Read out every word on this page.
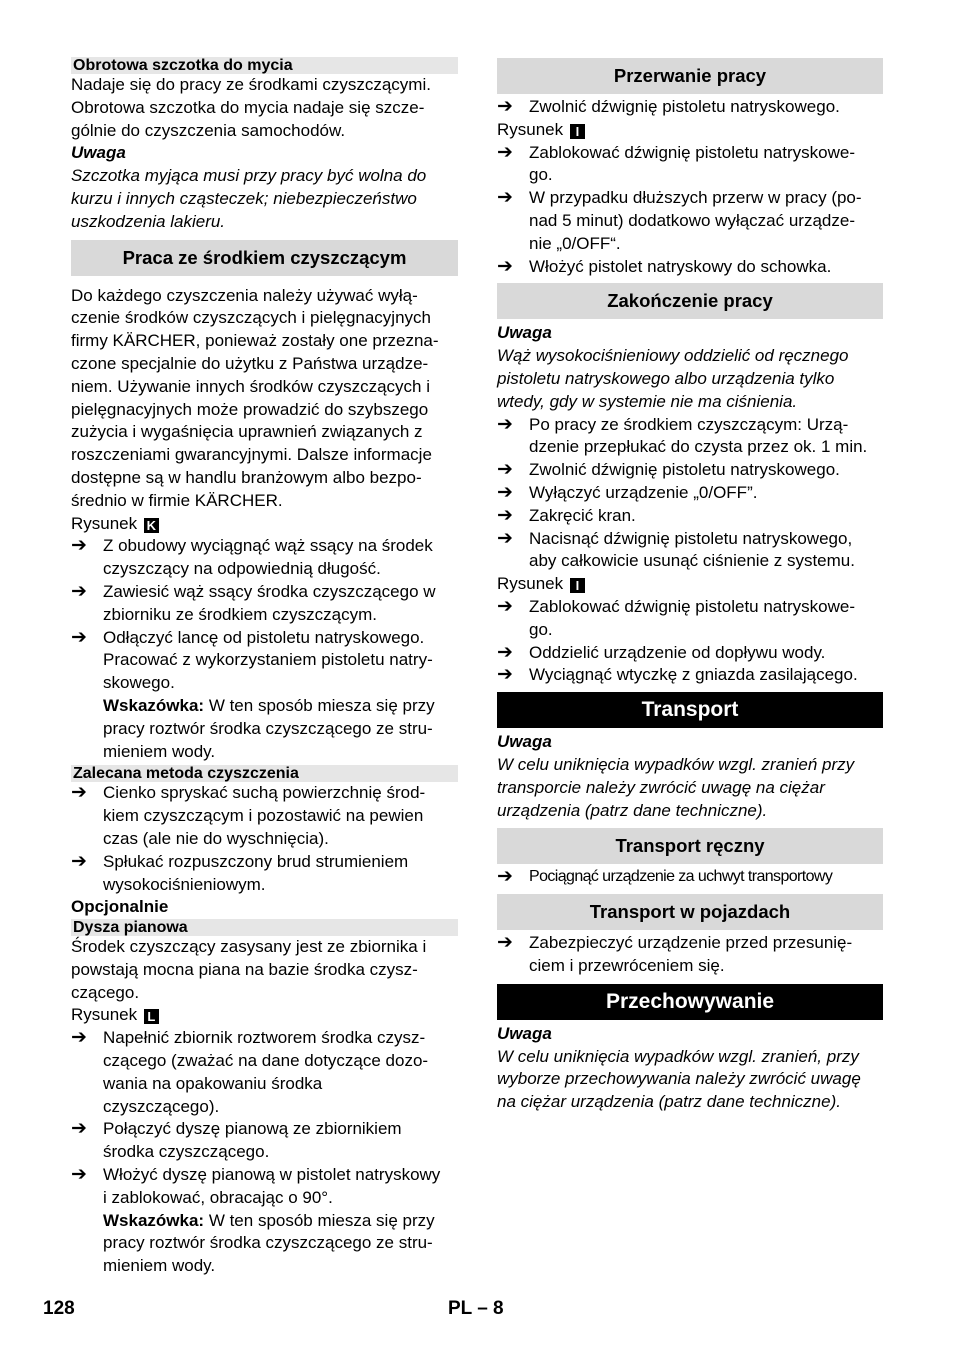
Obrotowa szczotka do mycia

Nadaje się do pracy ze środkami czyszczącymi.

Obrotowa szczotka do mycia nadaje się szcze-

gólnie do czyszczenia samochodów.

Uwaga

Szczotka myjąca musi przy pracy być wolna do

kurzu i innych cząsteczek; niebezpieczeństwo

uszkodzenia lakieru.

Praca ze środkiem czyszczącym

Do każdego czyszczenia należy używać wyłą-

czenie środków czyszczących i pielęgnacyjnych

firmy KÄRCHER, ponieważ zostały one przezna-

czone specjalnie do użytku z Państwa urządze-

niem. Używanie innych środków czyszczących i

pielęgnacyjnych może prowadzić do szybszego

zużycia i wygaśnięcia uprawnień związanych z

roszczeniami gwarancyjnymi. Dalsze informacje

dostępne są w handlu branżowym albo bezpo-

średnio w firmie KÄRCHER.

Rysunek K

➔ Z obudowy wyciągnąć wąż ssący na środek

czyszczący na odpowiednią długość.

➔ Zawiesić wąż ssący środka czyszczącego w

zbiorniku ze środkiem czyszczącym.

➔ Odłączyć lancę od pistoletu natryskowego.

Pracować z wykorzystaniem pistoletu natry-

skowego.

Wskazówka: W ten sposób miesza się przy

pracy roztwór środka czyszczącego ze stru-

mieniem wody.

Zalecana metoda czyszczenia

➔ Cienko spryskać suchą powierzchnię środ-

kiem czyszczącym i pozostawić na pewien

czas (ale nie do wyschnięcia).

➔ Spłukać rozpuszczony brud strumieniem

wysokociśnieniowym.

Opcjonalnie

Dysza pianowa

Środek czyszczący zasysany jest ze zbiornika i

powstają mocna piana na bazie środka czysz-

czącego.

Rysunek L

➔ Napełnić zbiornik roztworem środka czysz-

czącego (zważać na dane dotyczące dozo-

wania na opakowaniu środka

czyszczącego).

➔ Połączyć dyszę pianową ze zbiornikiem

środka czyszczącego.

➔ Włożyć dyszę pianową w pistolet natryskowy

i zablokować, obracając o 90°.

Wskazówka: W ten sposób miesza się przy

pracy roztwór środka czyszczącego ze stru-

mieniem wody.

Przerwanie pracy

➔ Zwolnić dźwignię pistoletu natryskowego.

Rysunek I

➔ Zablokować dźwignię pistoletu natryskowe-

go.

➔ W przypadku dłuższych przerw w pracy (po-

nad 5 minut) dodatkowo wyłączać urządze-

nie „0/OFF“.

➔ Włożyć pistolet natryskowy do schowka.

Zakończenie pracy

Uwaga

Wąż wysokociśnieniowy oddzielić od ręcznego

pistoletu natryskowego albo urządzenia tylko

wtedy, gdy w systemie nie ma ciśnienia.

➔ Po pracy ze środkiem czyszczącym: Urzą-

dzenie przepłukać do czysta przez ok. 1 min.

➔ Zwolnić dźwignię pistoletu natryskowego.

➔ Wyłączyć urządzenie „0/OFF”.

➔ Zakręcić kran.

➔ Nacisnąć dźwignię pistoletu natryskowego,

aby całkowicie usunąć ciśnienie z systemu.

Rysunek I

➔ Zablokować dźwignię pistoletu natryskowe-

go.

➔ Oddzielić urządzenie od dopływu wody.

➔ Wyciągnąć wtyczkę z gniazda zasilającego.

Transport

Uwaga

W celu uniknięcia wypadków wzgl. zranień przy

transporcie należy zwrócić uwagę na ciężar

urządzenia (patrz dane techniczne).

Transport ręczny

➔ Pociągnąć urządzenie za uchwyt transportowy

Transport w pojazdach

➔ Zabezpieczyć urządzenie przed przesunię-

ciem i przewróceniem się.

Przechowywanie

Uwaga

W celu uniknięcia wypadków wzgl. zranień, przy

wyborze przechowywania należy zwrócić uwagę

na ciężar urządzenia (patrz dane techniczne).

128	PL – 8
